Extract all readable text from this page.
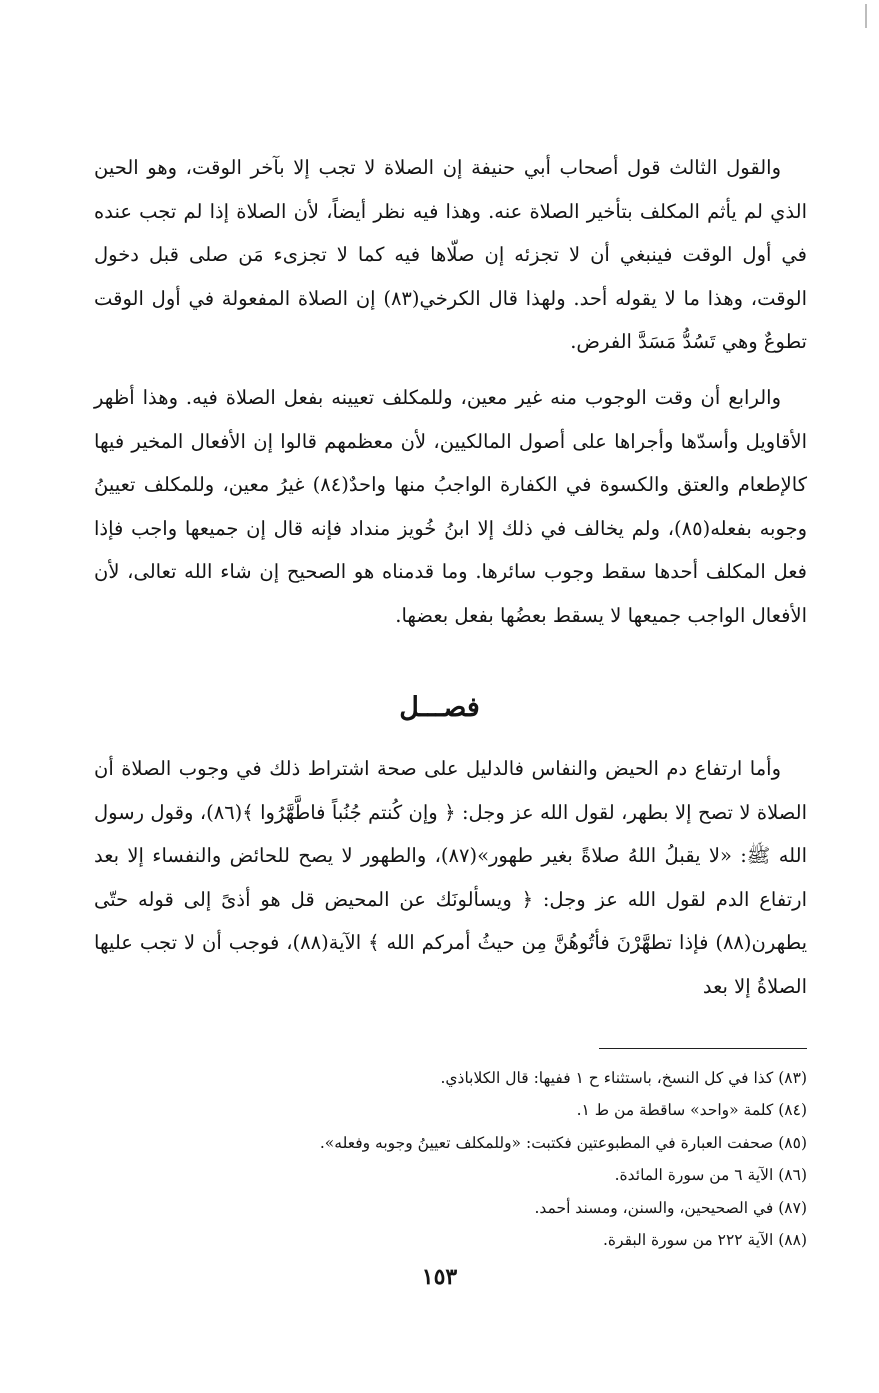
والقول الثالث قول أصحاب أبي حنيفة إن الصلاة لا تجب إلا بآخر الوقت، وهو الحين الذي لم يأثم المكلف بتأخير الصلاة عنه. وهذا فيه نظر أيضاً، لأن الصلاة إذا لم تجب عنده في أول الوقت فينبغي أن لا تجزئه إن صلّاها فيه كما لا تجزىء مَن صلى قبل دخول الوقت، وهذا ما لا يقوله أحد. ولهذا قال الكرخي(٨٣) إن الصلاة المفعولة في أول الوقت تطوعٌ وهي تَسُدُّ مَسَدَّ الفرض.

والرابع أن وقت الوجوب منه غير معين، وللمكلف تعيينه بفعل الصلاة فيه. وهذا أظهر الأقاويل وأسدّها وأجراها على أصول المالكيين، لأن معظمهم قالوا إن الأفعال المخير فيها كالإطعام والعتق والكسوة في الكفارة الواجبُ منها واحدٌ(٨٤) غيرُ معين، وللمكلف تعيينُ وجوبه بفعله(٨٥)، ولم يخالف في ذلك إلا ابنُ خُويز منداد فإنه قال إن جميعها واجب فإذا فعل المكلف أحدها سقط وجوب سائرها. وما قدمناه هو الصحيح إن شاء الله تعالى، لأن الأفعال الواجب جميعها لا يسقط بعضُها بفعل بعضها.

فصـــل

وأما ارتفاع دم الحيض والنفاس فالدليل على صحة اشتراط ذلك في وجوب الصلاة أن الصلاة لا تصح إلا بطهر، لقول الله عز وجل: ﴿ وإن كُنتم جُنُباً فاطَّهَّرُوا ﴾(٨٦)، وقول رسول الله ﷺ: «لا يقبلُ اللهُ صلاةً بغير طهور»(٨٧)، والطهور لا يصح للحائض والنفساء إلا بعد ارتفاع الدم لقول الله عز وجل: ﴿ ويسألونَك عن المحيض قل هو أذىً إلى قوله حتّى يطهرن(٨٨) فإذا تطهَّرْنَ فأتُوهُنَّ مِن حيثُ أمركم الله ﴾ الآية(٨٨)، فوجب أن لا تجب عليها الصلاةُ إلا بعد

(٨٣) كذا في كل النسخ، باستثناء ح ١ ففيها: قال الكلاباذي.
(٨٤) كلمة «واحد» ساقطة من ط ١.
(٨٥) صحفت العبارة في المطبوعتين فكتبت: «وللمكلف تعيينُ وجوبه وفعله».
(٨٦) الآية ٦ من سورة المائدة.
(٨٧) في الصحيحين، والسنن، ومسند أحمد.
(٨٨) الآية ٢٢٢ من سورة البقرة.
١٥٣
